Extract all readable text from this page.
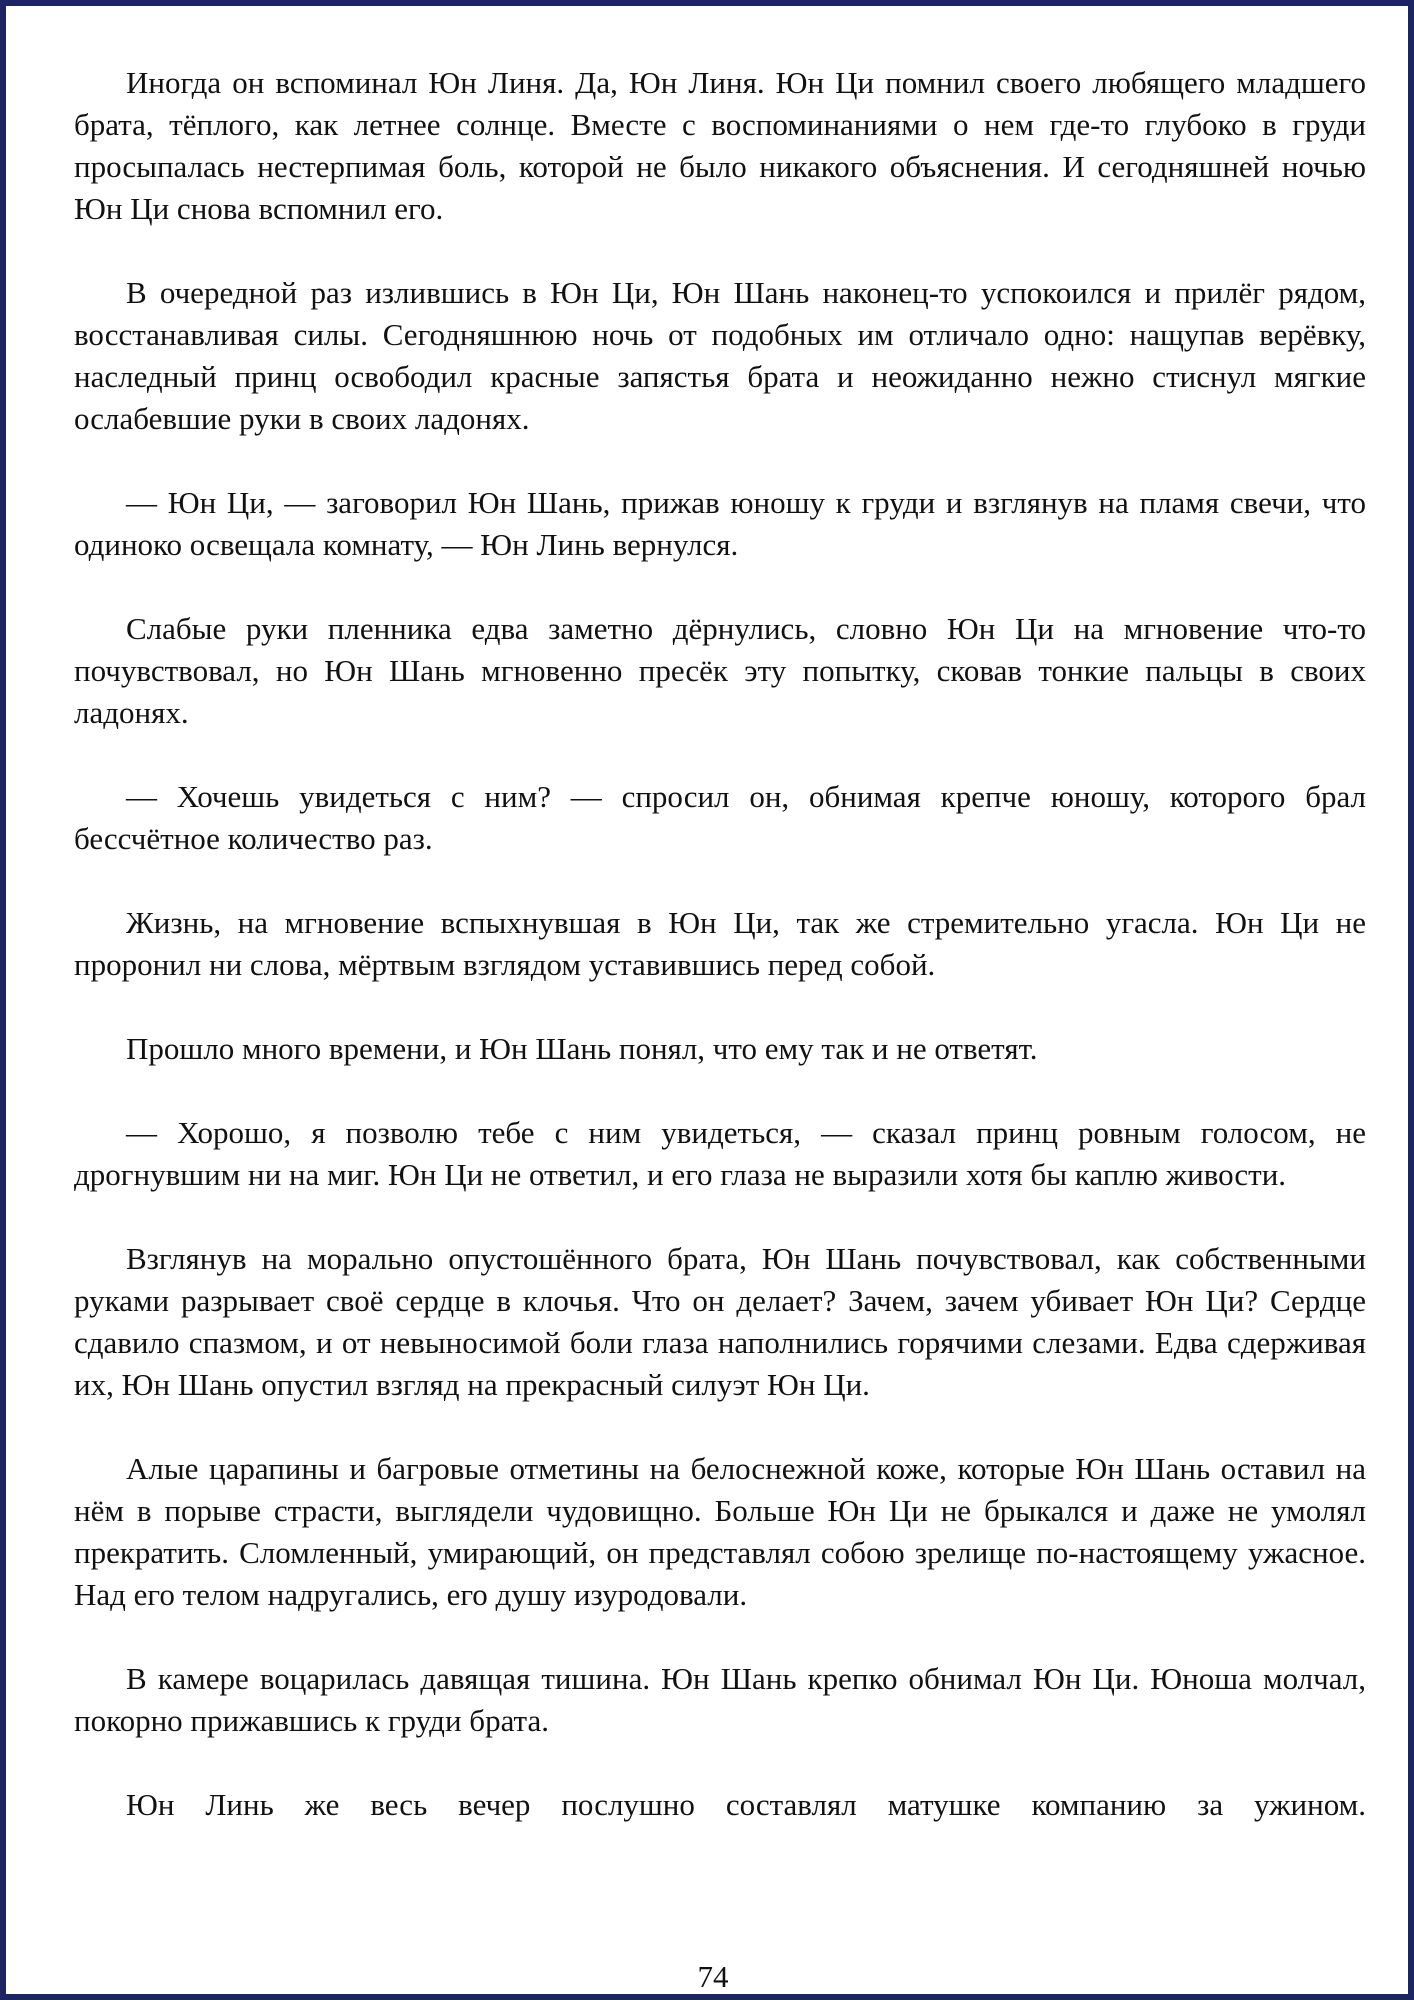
Иногда он вспоминал Юн Линя. Да, Юн Линя. Юн Ци помнил своего любящего младшего брата, тёплого, как летнее солнце. Вместе с воспоминаниями о нем где-то глубоко в груди просыпалась нестерпимая боль, которой не было никакого объяснения. И сегодняшней ночью Юн Ци снова вспомнил его.

В очередной раз излившись в Юн Ци, Юн Шань наконец-то успокоился и прилёг рядом, восстанавливая силы. Сегодняшнюю ночь от подобных им отличало одно: нащупав верёвку, наследный принц освободил красные запястья брата и неожиданно нежно стиснул мягкие ослабевшие руки в своих ладонях.

— Юн Ци, — заговорил Юн Шань, прижав юношу к груди и взглянув на пламя свечи, что одиноко освещала комнату, — Юн Линь вернулся.

Слабые руки пленника едва заметно дёрнулись, словно Юн Ци на мгновение что-то почувствовал, но Юн Шань мгновенно пресёк эту попытку, сковав тонкие пальцы в своих ладонях.

— Хочешь увидеться с ним? — спросил он, обнимая крепче юношу, которого брал бессчётное количество раз.

Жизнь, на мгновение вспыхнувшая в Юн Ци, так же стремительно угасла. Юн Ци не проронил ни слова, мёртвым взглядом уставившись перед собой.

Прошло много времени, и Юн Шань понял, что ему так и не ответят.

— Хорошо, я позволю тебе с ним увидеться, — сказал принц ровным голосом, не дрогнувшим ни на миг. Юн Ци не ответил, и его глаза не выразили хотя бы каплю живости.

Взглянув на морально опустошённого брата, Юн Шань почувствовал, как собственными руками разрывает своё сердце в клочья. Что он делает? Зачем, зачем убивает Юн Ци? Сердце сдавило спазмом, и от невыносимой боли глаза наполнились горячими слезами. Едва сдерживая их, Юн Шань опустил взгляд на прекрасный силуэт Юн Ци.

Алые царапины и багровые отметины на белоснежной коже, которые Юн Шань оставил на нём в порыве страсти, выглядели чудовищно. Больше Юн Ци не брыкался и даже не умолял прекратить. Сломленный, умирающий, он представлял собою зрелище по-настоящему ужасное. Над его телом надругались, его душу изуродовали.

В камере воцарилась давящая тишина. Юн Шань крепко обнимал Юн Ци. Юноша молчал, покорно прижавшись к груди брата.

Юн Линь же весь вечер послушно составлял матушке компанию за ужином.

74
